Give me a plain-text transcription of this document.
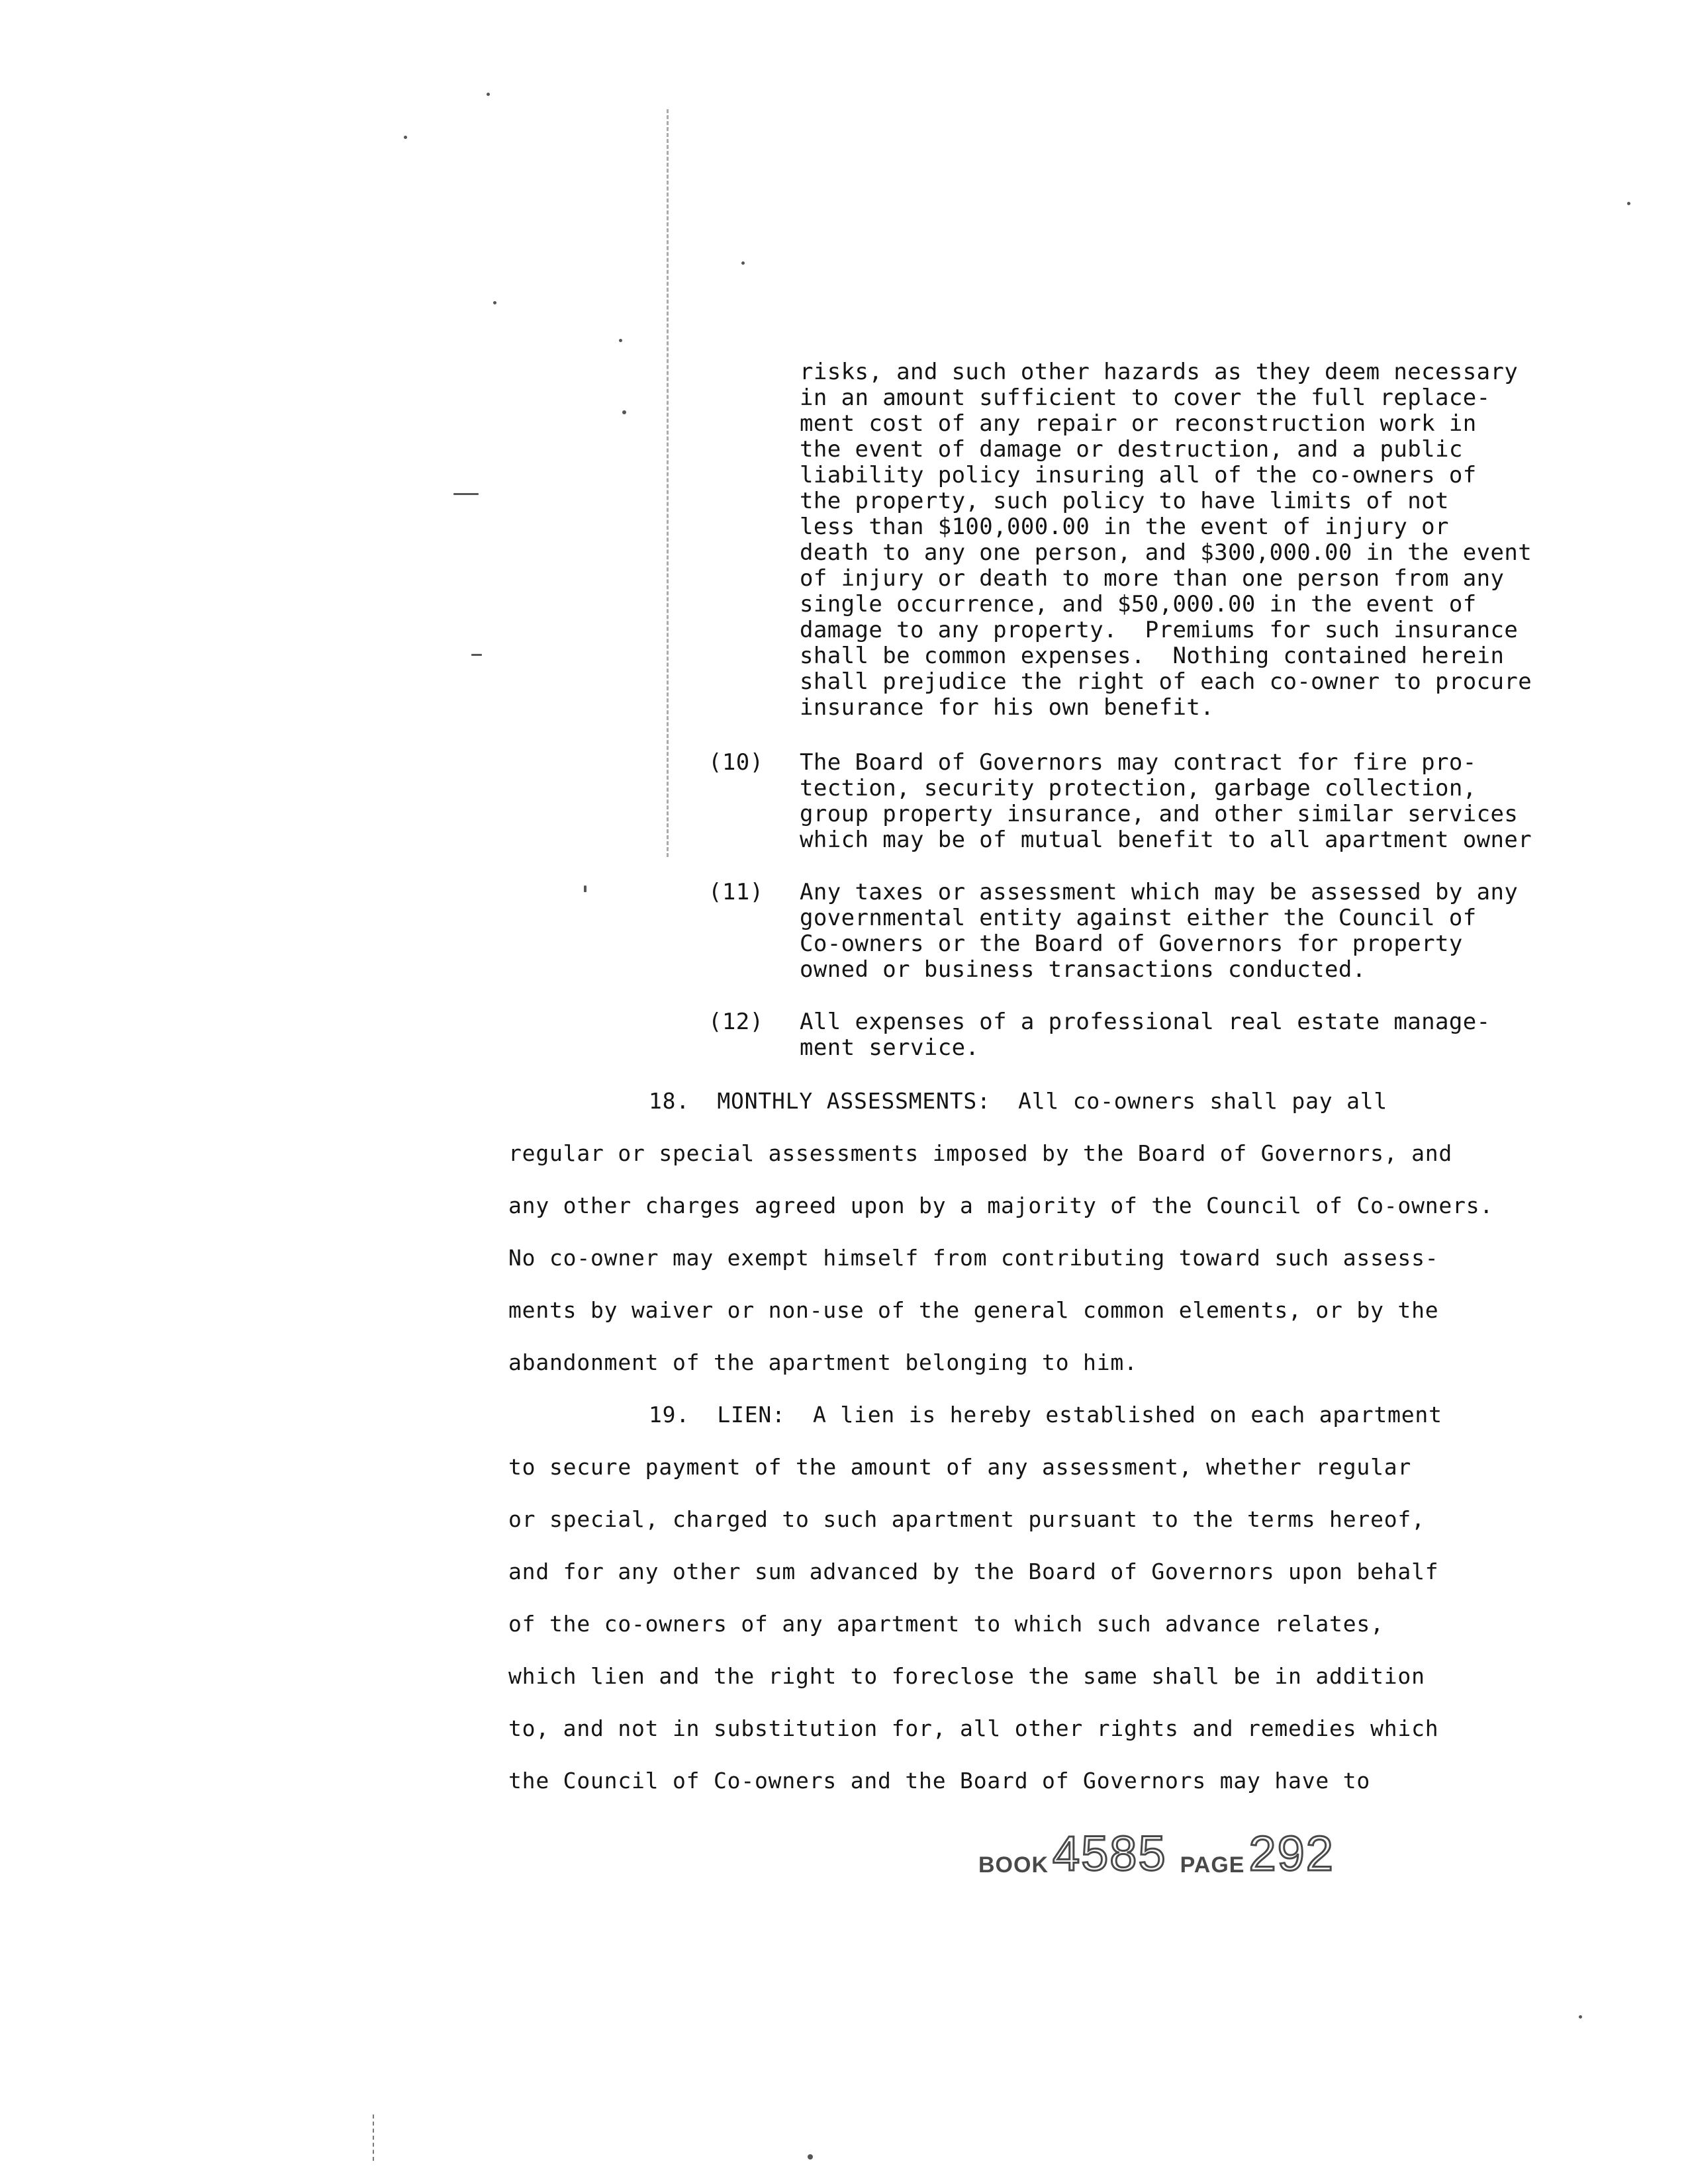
risks, and such other hazards as they deem necessary
in an amount sufficient to cover the full replace-
ment cost of any repair or reconstruction work in
the event of damage or destruction, and a public
liability policy insuring all of the co-owners of
the property, such policy to have limits of not
less than $100,000.00 in the event of injury or
death to any one person, and $300,000.00 in the event
of injury or death to more than one person from any
single occurrence, and $50,000.00 in the event of
damage to any property.  Premiums for such insurance
shall be common expenses.  Nothing contained herein
shall prejudice the right of each co-owner to procure
insurance for his own benefit.
(10) The Board of Governors may contract for fire pro-
tection, security protection, garbage collection,
group property insurance, and other similar services
which may be of mutual benefit to all apartment owner
(11) Any taxes or assessment which may be assessed by any
governmental entity against either the Council of
Co-owners or the Board of Governors for property
owned or business transactions conducted.
(12) All expenses of a professional real estate manage-
ment service.
18. MONTHLY ASSESSMENTS: All co-owners shall pay all
regular or special assessments imposed by the Board of Governors, and
any other charges agreed upon by a majority of the Council of Co-owners.
No co-owner may exempt himself from contributing toward such assess-
ments by waiver or non-use of the general common elements, or by the
abandonment of the apartment belonging to him.
19. LIEN: A lien is hereby established on each apartment
to secure payment of the amount of any assessment, whether regular
or special, charged to such apartment pursuant to the terms hereof,
and for any other sum advanced by the Board of Governors upon behalf
of the co-owners of any apartment to which such advance relates,
which lien and the right to foreclose the same shall be in addition
to, and not in substitution for, all other rights and remedies which
the Council of Co-owners and the Board of Governors may have to
BOOK 4585 PAGE 292
